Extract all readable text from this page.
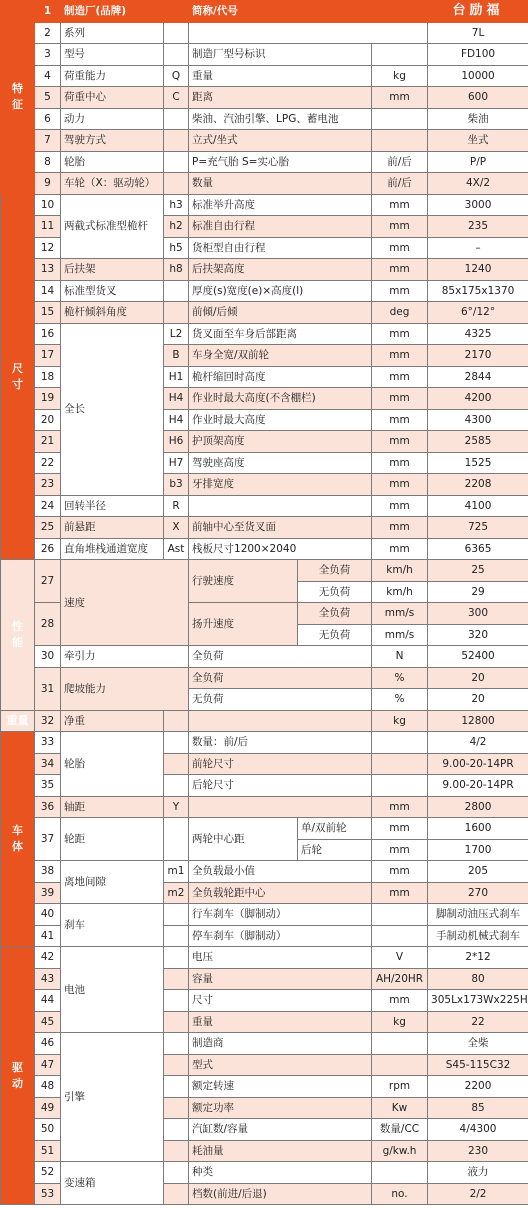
特
征	1	制造厂(品牌)		简称/代号			台励福
	2	系列					7L
	3	型号		制造厂型号标识			FD100
	4	荷重能力	Q	重量		kg	10000
	5	荷重中心	C	距离		mm	600
	6	动力		柴油、汽油引擎、LPG、蓄电池			柴油
	7	驾驶方式		立式/坐式			坐式
	8	轮胎		P=充气胎 S=实心胎		前/后	P/P
	9	车轮（X：驱动轮）		数量		前/后	4X/2
尺
寸	10	两截式标准型桅杆	h3	标准举升高度		mm	3000
	11		h2	标准自由行程		mm	235
	12		h5	货柜型自由行程		mm	–
	13	后扶架	h8	后扶架高度		mm	1240
	14	标准型货叉		厚度(s)宽度(e)×高度(l)		mm	85x175x1370
	15	桅杆倾斜角度		前倾/后倾		deg	6°/12°
	16	全长	L2	货叉面至车身后部距离		mm	4325
	17		B	车身全宽/双前轮		mm	2170
	18		H1	桅杆缩回时高度		mm	2844
	19		H4	作业时最大高度(不含棚栏)		mm	4200
	20		H4	作业时最大高度		mm	4300
	21		H6	护顶架高度		mm	2585
	22		H7	驾驶座高度		mm	1525
	23		b3	牙排宽度		mm	2208
	24	回转半径	R			mm	4100
	25	前悬距	X	前轴中心至货叉面		mm	725
	26	直角堆栈通道宽度	Ast	栈板尺寸1200×2040		mm	6365
性
能	27	速度		行驶速度	全负荷	km/h	25
					无负荷	km/h	29
	28			扬升速度	全负荷	mm/s	300
					无负荷	mm/s	320
	30	牵引力		全负荷		N	52400
	31	爬坡能力		全负荷		%	20
				无负荷		%	20
重量	32	净重				kg	12800
车
体	33	轮胎		数量：前/后			4/2
	34			前轮尺寸			9.00-20-14PR
	35			后轮尺寸			9.00-20-14PR
	36	轴距	Y			mm	2800
	37	轮距		两轮中心距	单/双前轮	mm	1600
					后轮	mm	1700
	38	离地间隙	m1	全负载最小值		mm	205
	39		m2	全负载轮距中心		mm	270
	40	刹车		行车刹车（脚制动）			脚制动油压式刹车
	41			停车刹车（脚制动）			手制动机械式刹车
驱
动	42	电池		电压		V	2*12
	43			容量		AH/20HR	80
	44			尺寸		mm	305Lx173Wx225H
	45			重量		kg	22
	46	引擎		制造商			全柴
	47			型式			S45-115C32
	48			额定转速		rpm	2200
	49			额定功率		Kw	85
	50			汽缸数/容量		数量/CC	4/4300
	51			耗油量		g/kw.h	230
	52	变速箱		种类			液力
	53			档数(前进/后退)		no.	2/2
